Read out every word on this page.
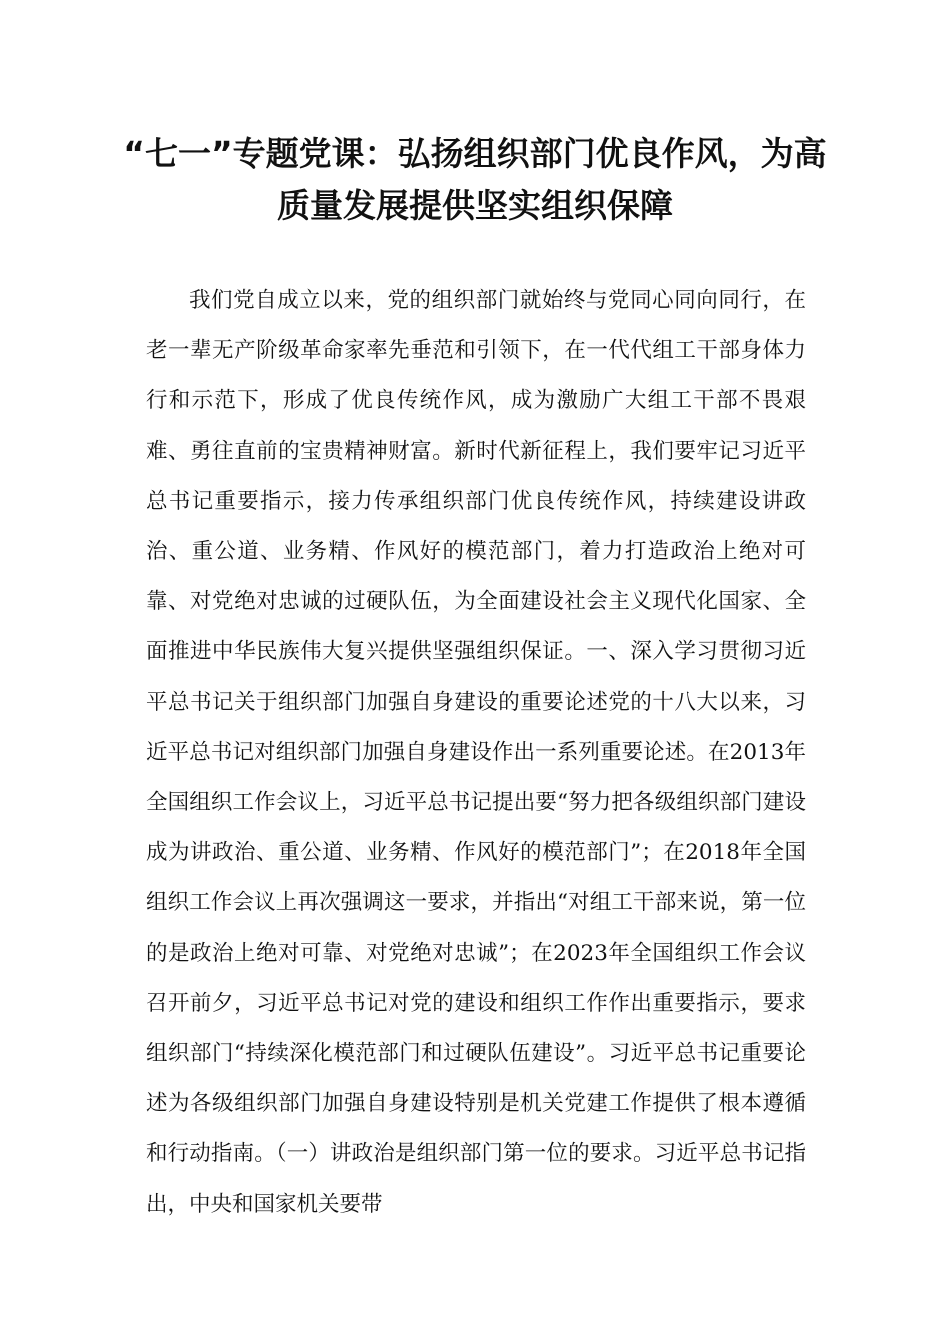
“七一”专题党课：弘扬组织部门优良作风，为高质量发展提供坚实组织保障

我们党自成立以来，党的组织部门就始终与党同心同向同行，在老一辈无产阶级革命家率先垂范和引领下，在一代代组工干部身体力行和示范下，形成了优良传统作风，成为激励广大组工干部不畏艰难、勇往直前的宝贵精神财富。新时代新征程上，我们要牢记习近平总书记重要指示，接力传承组织部门优良传统作风，持续建设讲政治、重公道、业务精、作风好的模范部门，着力打造政治上绝对可靠、对党绝对忠诚的过硬队伍，为全面建设社会主义现代化国家、全面推进中华民族伟大复兴提供坚强组织保证。一、深入学习贯彻习近平总书记关于组织部门加强自身建设的重要论述党的十八大以来，习近平总书记对组织部门加强自身建设作出一系列重要论述。在2013年全国组织工作会议上，习近平总书记提出要“努力把各级组织部门建设成为讲政治、重公道、业务精、作风好的模范部门”；在2018年全国组织工作会议上再次强调这一要求，并指出“对组工干部来说，第一位的是政治上绝对可靠、对党绝对忠诚”；在2023年全国组织工作会议召开前夕，习近平总书记对党的建设和组织工作作出重要指示，要求组织部门“持续深化模范部门和过硬队伍建设”。习近平总书记重要论述为各级组织部门加强自身建设特别是机关党建工作提供了根本遵循和行动指南。（一）讲政治是组织部门第一位的要求。习近平总书记指出，中央和国家机关要带
